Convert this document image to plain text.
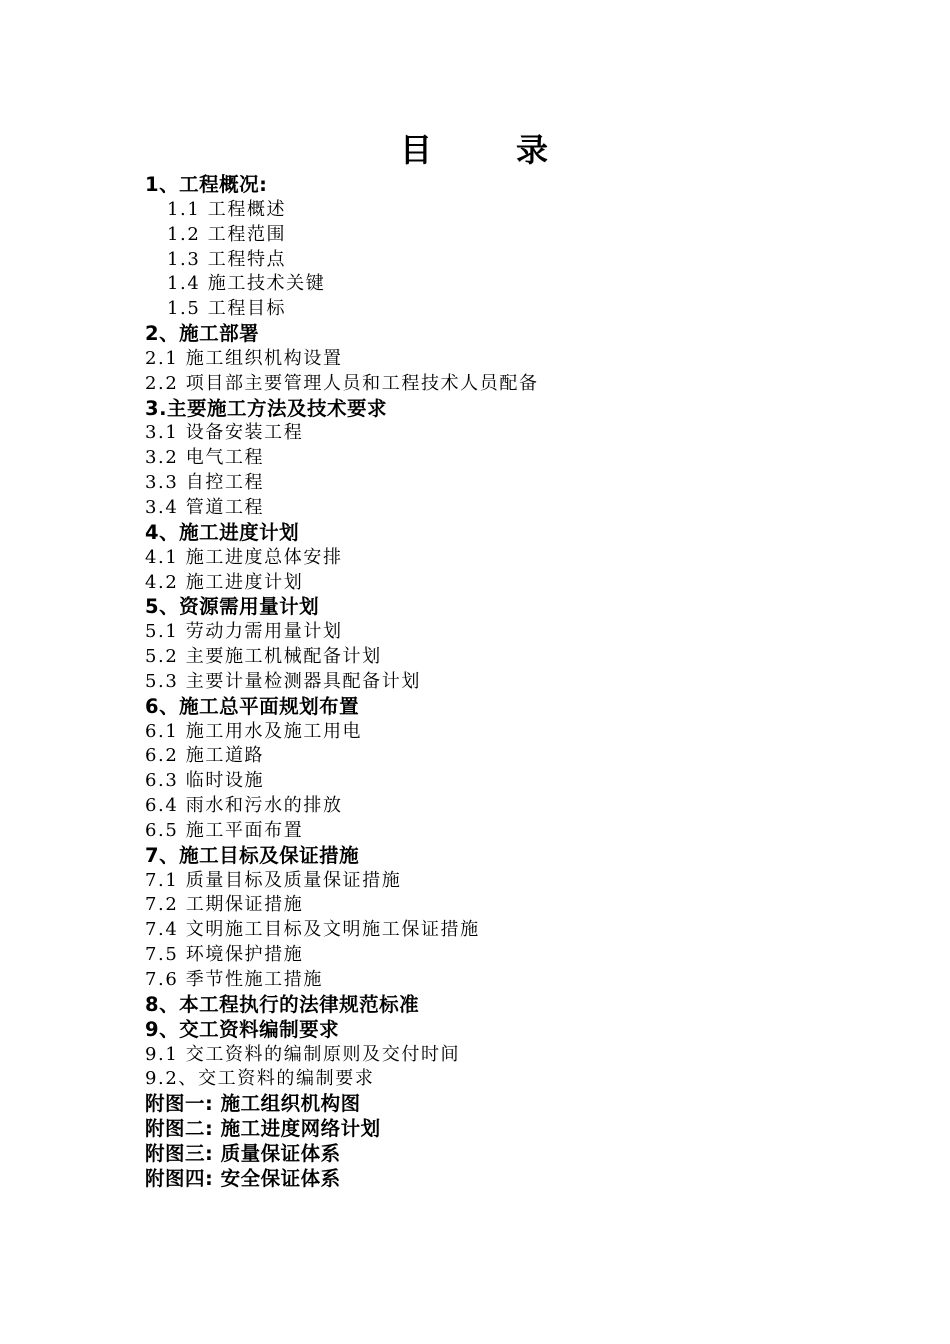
目	录
1、工程概况:
1.1 工程概述
1.2 工程范围
1.3 工程特点
1.4 施工技术关键
1.5 工程目标
2、施工部署
2.1 施工组织机构设置
2.2 项目部主要管理人员和工程技术人员配备
3.主要施工方法及技术要求
3.1 设备安装工程
3.2 电气工程
3.3 自控工程
3.4 管道工程
4、施工进度计划
4.1 施工进度总体安排
4.2 施工进度计划
5、资源需用量计划
5.1 劳动力需用量计划
5.2 主要施工机械配备计划
5.3 主要计量检测器具配备计划
6、施工总平面规划布置
6.1 施工用水及施工用电
6.2 施工道路
6.3 临时设施
6.4 雨水和污水的排放
6.5 施工平面布置
7、施工目标及保证措施
7.1 质量目标及质量保证措施
7.2 工期保证措施
7.4 文明施工目标及文明施工保证措施
7.5 环境保护措施
7.6 季节性施工措施
8、本工程执行的法律规范标准
9、交工资料编制要求
9.1 交工资料的编制原则及交付时间
9.2、交工资料的编制要求
附图一: 施工组织机构图
附图二: 施工进度网络计划
附图三: 质量保证体系
附图四: 安全保证体系
